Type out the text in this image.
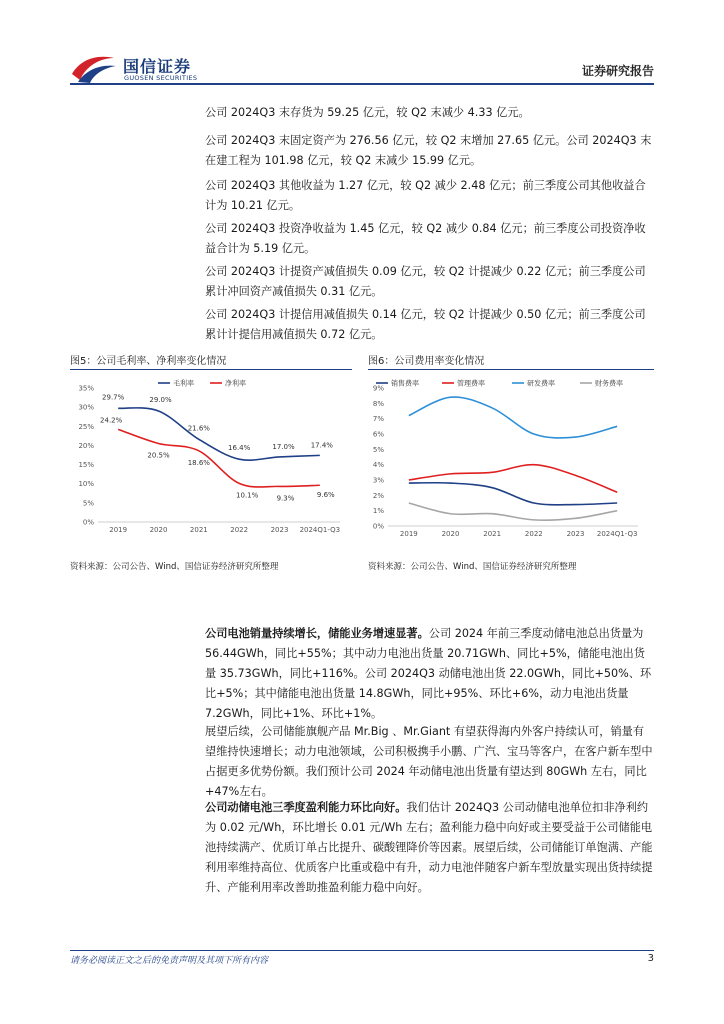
国信证券
GUOSEN SECURITIES	证券研究报告

公司 2024Q3 末存货为 59.25 亿元，较 Q2 末减少 4.33 亿元。

公司 2024Q3 末固定资产为 276.56 亿元，较 Q2 末增加 27.65 亿元。公司 2024Q3 末在建工程为 101.98 亿元，较 Q2 末减少 15.99 亿元。

公司 2024Q3 其他收益为 1.27 亿元，较 Q2 减少 2.48 亿元；前三季度公司其他收益合计为 10.21 亿元。

公司 2024Q3 投资净收益为 1.45 亿元，较 Q2 减少 0.84 亿元；前三季度公司投资净收益合计为 5.19 亿元。

公司 2024Q3 计提资产减值损失 0.09 亿元，较 Q2 计提减少 0.22 亿元；前三季度公司累计冲回资产减值损失 0.31 亿元。

公司 2024Q3 计提信用减值损失 0.14 亿元，较 Q2 计提减少 0.50 亿元；前三季度公司累计计提信用减值损失 0.72 亿元。

图5：公司毛利率、净利率变化情况
0%
5%
10%
15%
20%
25%
30%
35%
2019	2020	2021	2022	2023 2024Q1-Q3
29.7%	29.0%
21.6%
16.4%	17.0% 17.4%
毛利率
24.2%
20.5%
18.6%
10.1%	9.3%	9.6%
净利率
资料来源：公司公告、Wind、国信证券经济研究所整理
图6：公司费用率变化情况
0%
1%
2%
3%
4%
5%
6%
7%
8%
9%
2019	2020	2021	2022	2023 2024Q1-Q3
销售费率	管理费率	研发费率	财务费率
资料来源：公司公告、Wind、国信证券经济研究所整理

公司电池销量持续增长，储能业务增速显著。公司 2024 年前三季度动储电池总出货量为 56.44GWh，同比+55%；其中动力电池出货量 20.71GWh、同比+5%，储能电池出货量 35.73GWh，同比+116%。公司 2024Q3 动储电池出货 22.0GWh，同比+50%、环比+5%；其中储能电池出货量 14.8GWh，同比+95%、环比+6%，动力电池出货量 7.2GWh，同比+1%、环比+1%。

展望后续，公司储能旗舰产品 Mr.Big 、Mr.Giant 有望获得海内外客户持续认可，销量有望维持快速增长；动力电池领域，公司积极携手小鹏、广汽、宝马等客户，在客户新车型中占据更多优势份额。我们预计公司 2024 年动储电池出货量有望达到 80GWh 左右，同比+47%左右。

公司动储电池三季度盈利能力环比向好。我们估计 2024Q3 公司动储电池单位扣非净利约为 0.02 元/Wh，环比增长 0.01 元/Wh 左右；盈利能力稳中向好或主要受益于公司储能电池持续满产、优质订单占比提升、碳酸锂降价等因素。展望后续，公司储能订单饱满、产能利用率维持高位、优质客户比重或稳中有升，动力电池伴随客户新车型放量实现出货持续提升、产能利用率改善助推盈利能力稳中向好。

请务必阅读正文之后的免责声明及其项下所有内容	3
